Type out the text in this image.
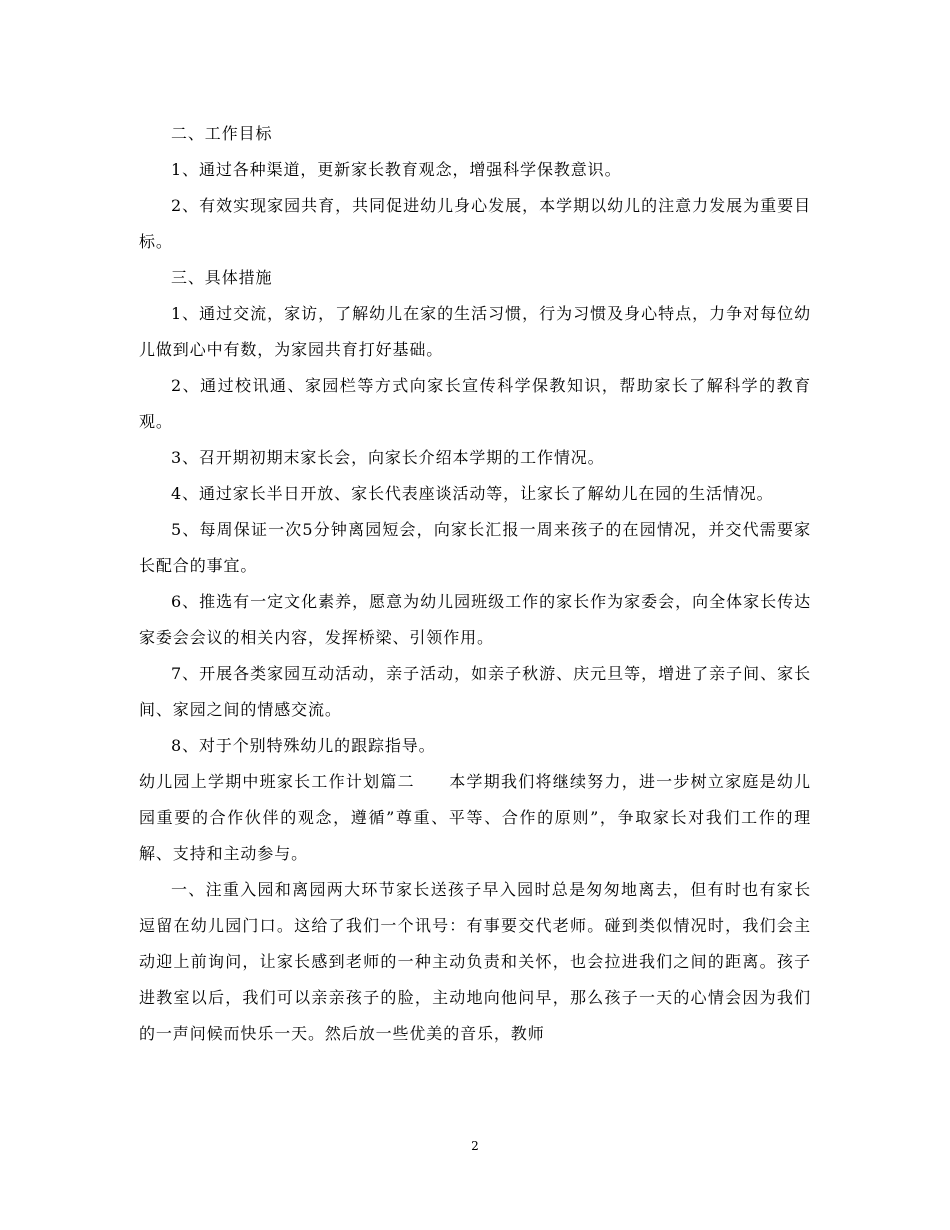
二、工作目标

1、通过各种渠道，更新家长教育观念，增强科学保教意识。

2、有效实现家园共育，共同促进幼儿身心发展，本学期以幼儿的注意力发展为重要目标。

三、具体措施

1、通过交流，家访，了解幼儿在家的生活习惯，行为习惯及身心特点，力争对每位幼儿做到心中有数，为家园共育打好基础。

2、通过校讯通、家园栏等方式向家长宣传科学保教知识，帮助家长了解科学的教育观。

3、召开期初期末家长会，向家长介绍本学期的工作情况。

4、通过家长半日开放、家长代表座谈活动等，让家长了解幼儿在园的生活情况。

5、每周保证一次5分钟离园短会，向家长汇报一周来孩子的在园情况，并交代需要家长配合的事宜。

6、推选有一定文化素养，愿意为幼儿园班级工作的家长作为家委会，向全体家长传达家委会会议的相关内容，发挥桥梁、引领作用。

7、开展各类家园互动活动，亲子活动，如亲子秋游、庆元旦等，增进了亲子间、家长间、家园之间的情感交流。

8、对于个别特殊幼儿的跟踪指导。

幼儿园上学期中班家长工作计划篇二　　本学期我们将继续努力，进一步树立家庭是幼儿园重要的合作伙伴的观念，遵循”尊重、平等、合作的原则”，争取家长对我们工作的理解、支持和主动参与。

一、注重入园和离园两大环节家长送孩子早入园时总是匆匆地离去，但有时也有家长逗留在幼儿园门口。这给了我们一个讯号：有事要交代老师。碰到类似情况时，我们会主动迎上前询问，让家长感到老师的一种主动负责和关怀，也会拉进我们之间的距离。孩子进教室以后，我们可以亲亲孩子的脸，主动地向他问早，那么孩子一天的心情会因为我们的一声问候而快乐一天。然后放一些优美的音乐，教师

2
